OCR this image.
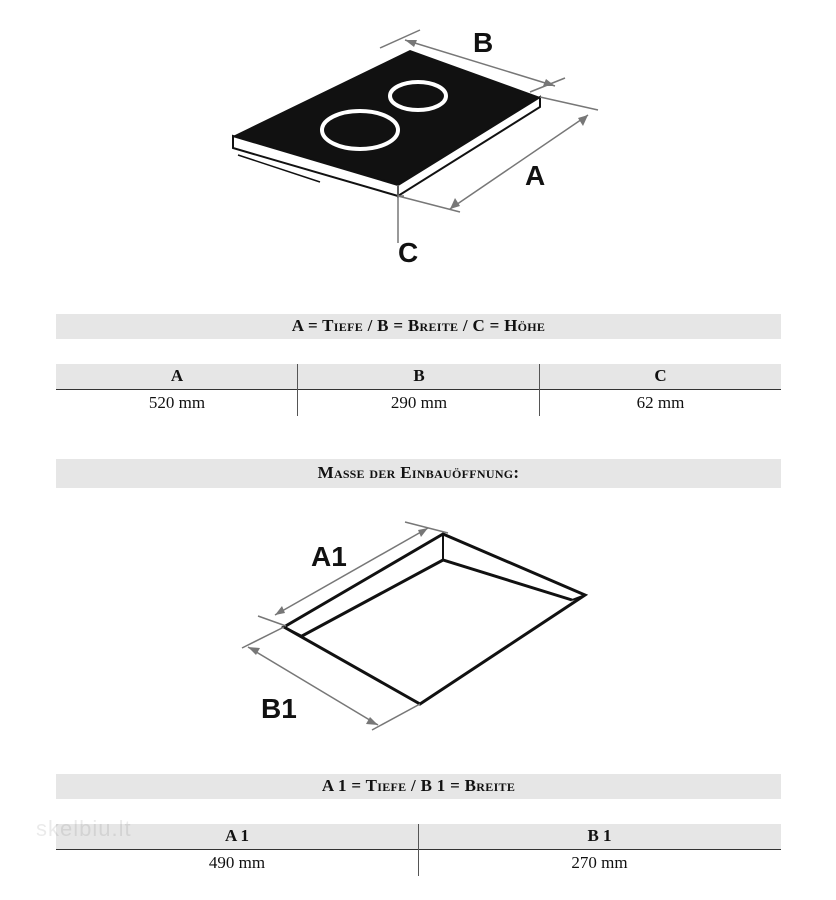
B
A
C
A = Tiefe / B = Breite / C = Höhe
A	B	C
520 mm	290 mm	62 mm
Maße der Einbauöffnung:
A1
B1
A 1 = Tiefe / B 1 = Breite
A 1	B 1
490 mm	270 mm
skelbiu.lt
